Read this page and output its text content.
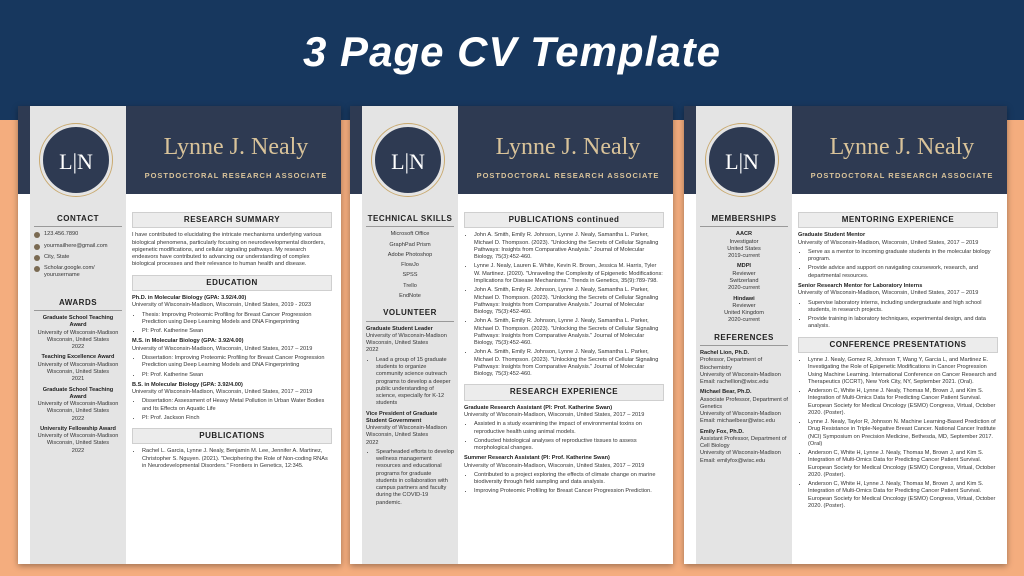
3 Page CV Template
L|N
Lynne J. Nealy
POSTDOCTORAL RESEARCH ASSOCIATE
CONTACT
123.456.7890
yourmailhere@gmail.com
City, State
Scholar.google.com/ yourusername
AWARDS
Graduate School Teaching Award
University of Wisconsin-Madison
Wisconsin, United States
2022
Teaching Excellence Award
University of Wisconsin-Madison
Wisconsin, United States
2021
Graduate School Teaching Award
University of Wisconsin-Madison
Wisconsin, United States
2022
University Fellowship Award
University of Wisconsin-Madison
Wisconsin, United States
2022
RESEARCH SUMMARY
I have contributed to elucidating the intricate mechanisms underlying various biological phenomena, particularly focusing on neurodevelopmental disorders, epigenetic modifications, and cellular signaling pathways. My research endeavors have contributed to advancing our understanding of complex biological processes and their relevance to human health and disease.
EDUCATION
Ph.D. in Molecular Biology (GPA: 3.92/4.00)
University of Wisconsin-Madison, Wisconsin, United States, 2019 - 2023
• Thesis: Improving Proteomic Profiling for Breast Cancer Progression Prediction using Deep Learning Models and DNA Fingerprinting
• PI: Prof. Katherine Swan
M.S. in Molecular Biology (GPA: 3.92/4.00)
University of Wisconsin-Madison, Wisconsin, United States, 2017 – 2019
• Dissertation: Improving Proteomic Profiling for Breast Cancer Progression Prediction using Deep Learning Models and DNA Fingerprinting
• PI: Prof. Katherine Swan
B.S. in Molecular Biology (GPA: 3.92/4.00)
University of Wisconsin-Madison, Wisconsin, United States, 2017 – 2019
• Dissertation: Assessment of Heavy Metal Pollution in Urban Water Bodies and Its Effects on Aquatic Life
• PI: Prof. Jackson Finch
PUBLICATIONS
• Rachel L. Garcia, Lynne J. Nealy, Benjamin M. Lee, Jennifer A. Martinez, Christopher S. Nguyen. (2021). "Deciphering the Role of Non-coding RNAs in Neurodevelopmental Disorders." Frontiers in Genetics, 12:345.
L|N
Lynne J. Nealy
POSTDOCTORAL RESEARCH ASSOCIATE
TECHNICAL SKILLS
Microsoft Office
GraphPad Prism
Adobe Photoshop
FlowJo
SPSS
Trello
EndNote
VOLUNTEER
Graduate Student Leader
University of Wisconsin-Madison
Wisconsin, United States
2022
• Lead a group of 15 graduate students to organize community science outreach programs to develop a deeper public understanding of science, especially for K-12 students
Vice President of Graduate Student Government
University of Wisconsin-Madison
Wisconsin, United States
2022
• Spearheaded efforts to develop wellness management resources and educational programs for graduate students in collaboration with campus partners and faculty during the COVID-19 pandemic.
PUBLICATIONS continued
• John A. Smith, Emily R. Johnson, Lynne J. Nealy, Samantha L. Parker, Michael D. Thompson. (2023). "Unlocking the Secrets of Cellular Signaling Pathways: Insights from Comparative Analysis." Journal of Molecular Biology, 75(3):452-460.
• Lynne J. Nealy, Lauren E. White, Kevin R. Brown, Jessica M. Harris, Tyler W. Martinez. (2020). "Unraveling the Complexity of Epigenetic Modifications: Implications for Disease Mechanisms." Trends in Genetics, 35(9):789-798.
• John A. Smith, Emily R. Johnson, Lynne J. Nealy, Samantha L. Parker, Michael D. Thompson. (2023). "Unlocking the Secrets of Cellular Signaling Pathways: Insights from Comparative Analysis." Journal of Molecular Biology, 75(3):452-460.
• John A. Smith, Emily R. Johnson, Lynne J. Nealy, Samantha L. Parker, Michael D. Thompson. (2023). "Unlocking the Secrets of Cellular Signaling Pathways: Insights from Comparative Analysis." Journal of Molecular Biology, 75(3):452-460.
• John A. Smith, Emily R. Johnson, Lynne J. Nealy, Samantha L. Parker, Michael D. Thompson. (2023). "Unlocking the Secrets of Cellular Signaling Pathways: Insights from Comparative Analysis." Journal of Molecular Biology, 75(3):452-460.
RESEARCH EXPERIENCE
Graduate Research Assistant (PI: Prof. Katherine Swan)
University of Wisconsin-Madison, Wisconsin, United States, 2017 – 2019
• Assisted in a study examining the impact of environmental toxins on reproductive health using animal models.
• Conducted histological analyses of reproductive tissues to assess morphological changes.
Summer Research Assistant (PI: Prof. Katherine Swan)
University of Wisconsin-Madison, Wisconsin, United States, 2017 – 2019
• Contributed to a project exploring the effects of climate change on marine biodiversity through field sampling and data analysis.
• Improving Proteomic Profiling for Breast Cancer Progression Prediction.
L|N
Lynne J. Nealy
POSTDOCTORAL RESEARCH ASSOCIATE
MEMBERSHIPS
AACR
Investigator
United States
2019-current
MDPI
Reviewer
Switzerland
2020-current
Hindawi
Reviewer
United Kingdom
2020-current
REFERENCES
Rachel Lion, Ph.D.
Professor, Department of Biochemistry
University of Wisconsin-Madison
Email: rachellion@wisc.edu
Michael Bear, Ph.D.
Associate Professor, Department of Genetics
University of Wisconsin-Madison
Email: michaelbear@wisc.edu
Emily Fox, Ph.D.
Assistant Professor, Department of Cell Biology
University of Wisconsin-Madison
Email: emilyfox@wisc.edu
MENTORING EXPERIENCE
Graduate Student Mentor
University of Wisconsin-Madison, Wisconsin, United States, 2017 – 2019
• Serve as a mentor to incoming graduate students in the molecular biology program.
• Provide advice and support on navigating coursework, research, and departmental resources.
Senior Research Mentor for Laboratory Interns
University of Wisconsin-Madison, Wisconsin, United States, 2017 – 2019
• Supervise laboratory interns, including undergraduate and high school students, in research projects.
• Provide training in laboratory techniques, experimental design, and data analysis.
CONFERENCE PRESENTATIONS
• Lynne J. Nealy, Gomez R, Johnson T, Wang Y, Garcia L, and Martinez E. Investigating the Role of Epigenetic Modifications in Cancer Progression Using Machine Learning. International Conference on Cancer Research and Therapeutics (ICCRT), New York City, NY, September 2021. (Oral).
• Anderson C, White H, Lynne J. Nealy, Thomas M, Brown J, and Kim S. Integration of Multi-Omics Data for Predicting Cancer Patient Survival. European Society for Medical Oncology (ESMO) Congress, Virtual, October 2020. (Poster).
• Lynne J. Nealy, Taylor R, Johnson N. Machine Learning-Based Prediction of Drug Resistance in Triple-Negative Breast Cancer. National Cancer Institute (NCI) Symposium on Precision Medicine, Bethesda, MD, September 2017. (Oral)
• Anderson C, White H, Lynne J. Nealy, Thomas M, Brown J, and Kim S. Integration of Multi-Omics Data for Predicting Cancer Patient Survival. European Society for Medical Oncology (ESMO) Congress, Virtual, October 2020. (Poster).
• Anderson C, White H, Lynne J. Nealy, Thomas M, Brown J, and Kim S. Integration of Multi-Omics Data for Predicting Cancer Patient Survival. European Society for Medical Oncology (ESMO) Congress, Virtual, October 2020. (Poster).
